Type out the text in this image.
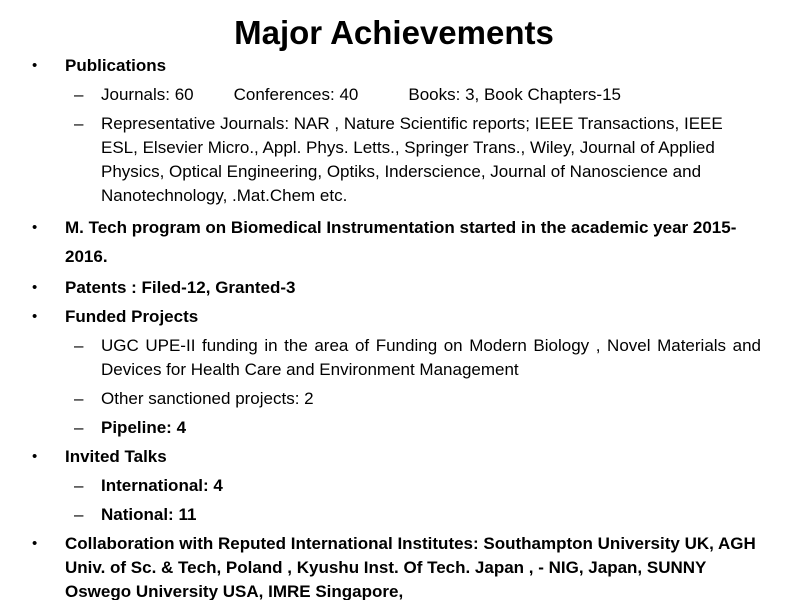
Major Achievements
• Publications
– Journals: 60 Conferences: 40	Books: 3, Book Chapters-15
– Representative Journals: NAR , Nature Scientific reports; IEEE Transactions, IEEE ESL, Elsevier Micro., Appl. Phys. Letts., Springer Trans., Wiley, Journal of Applied Physics, Optical Engineering, Optiks, Inderscience, Journal of Nanoscience and Nanotechnology, .Mat.Chem etc.
• M. Tech program on Biomedical Instrumentation started in the academic year 2015-2016.
• Patents : Filed-12, Granted-3
• Funded Projects
– UGC UPE-II funding in the area of Funding on Modern Biology , Novel Materials and Devices for Health Care and Environment Management
– Other sanctioned projects: 2
– Pipeline: 4
• Invited Talks
– International: 4
– National: 11
• Collaboration with Reputed International Institutes: Southampton University UK, AGH Univ. of Sc. & Tech, Poland , Kyushu Inst. Of Tech. Japan , - NIG, Japan, SUNNY Oswego University USA, IMRE Singapore,
